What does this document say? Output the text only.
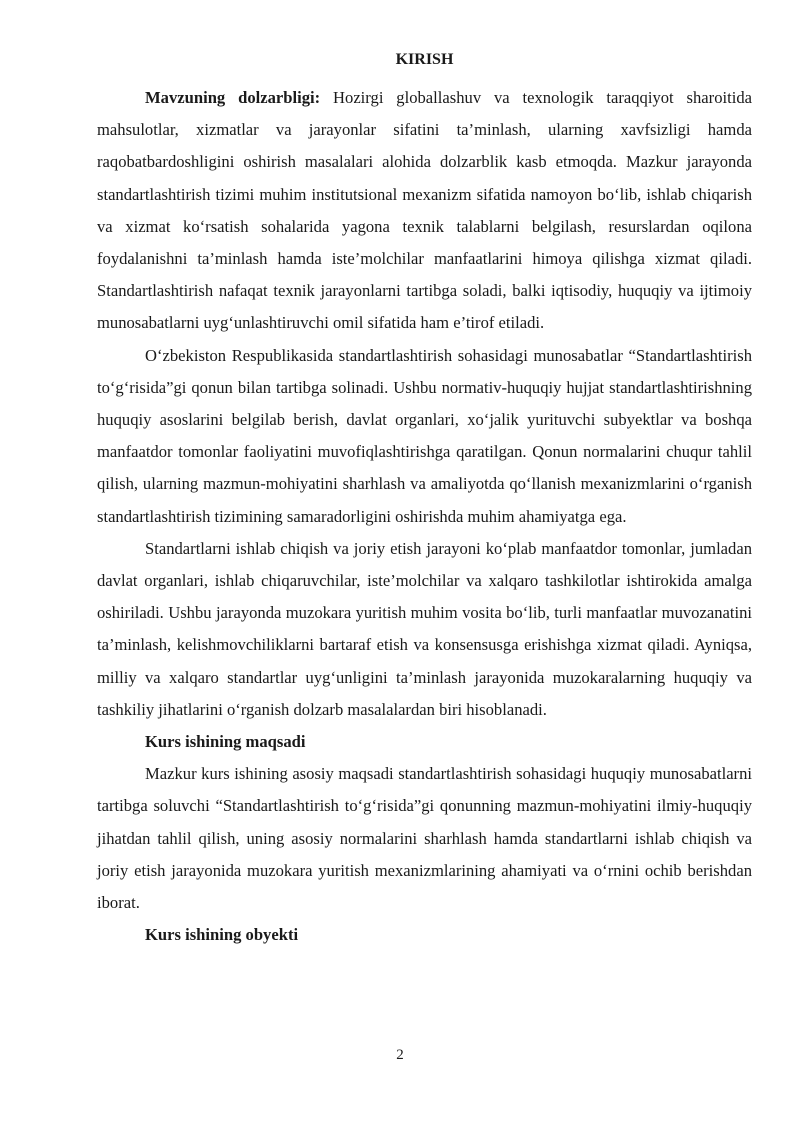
KIRISH

Mavzuning dolzarbligi: Hozirgi globallashuv va texnologik taraqqiyot sharoitida mahsulotlar, xizmatlar va jarayonlar sifatini ta’minlash, ularning xavfsizligi hamda raqobatbardoshligini oshirish masalalari alohida dolzarblik kasb etmoqda. Mazkur jarayonda standartlashtirish tizimi muhim institutsional mexanizm sifatida namoyon bo‘lib, ishlab chiqarish va xizmat ko‘rsatish sohalarida yagona texnik talablarni belgilash, resurslardan oqilona foydalanishni ta’minlash hamda iste’molchilar manfaatlarini himoya qilishga xizmat qiladi. Standartlashtirish nafaqat texnik jarayonlarni tartibga soladi, balki iqtisodiy, huquqiy va ijtimoiy munosabatlarni uyg‘unlashtiruvchi omil sifatida ham e’tirof etiladi.

O‘zbekiston Respublikasida standartlashtirish sohasidagi munosabatlar “Standartlashtirish to‘g‘risida”gi qonun bilan tartibga solinadi. Ushbu normativ-huquqiy hujjat standartlashtirishning huquqiy asoslarini belgilab berish, davlat organlari, xo‘jalik yurituvchi subyektlar va boshqa manfaatdor tomonlar faoliyatini muvofiqlashtirishga qaratilgan. Qonun normalarini chuqur tahlil qilish, ularning mazmun-mohiyatini sharhlash va amaliyotda qo‘llanish mexanizmlarini o‘rganish standartlashtirish tizimining samaradorligini oshirishda muhim ahamiyatga ega.

Standartlarni ishlab chiqish va joriy etish jarayoni ko‘plab manfaatdor tomonlar, jumladan davlat organlari, ishlab chiqaruvchilar, iste’molchilar va xalqaro tashkilotlar ishtirokida amalga oshiriladi. Ushbu jarayonda muzokara yuritish muhim vosita bo‘lib, turli manfaatlar muvozanatini ta’minlash, kelishmovchiliklarni bartaraf etish va konsensusga erishishga xizmat qiladi. Ayniqsa, milliy va xalqaro standartlar uyg‘unligini ta’minlash jarayonida muzokaralarning huquqiy va tashkiliy jihatlarini o‘rganish dolzarb masalalardan biri hisoblanadi.

Kurs ishining maqsadi

Mazkur kurs ishining asosiy maqsadi standartlashtirish sohasidagi huquqiy munosabatlarni tartibga soluvchi “Standartlashtirish to‘g‘risida”gi qonunning mazmun-mohiyatini ilmiy-huquqiy jihatdan tahlil qilish, uning asosiy normalarini sharhlash hamda standartlarni ishlab chiqish va joriy etish jarayonida muzokara yuritish mexanizmlarining ahamiyati va o‘rnini ochib berishdan iborat.

Kurs ishining obyekti

2
